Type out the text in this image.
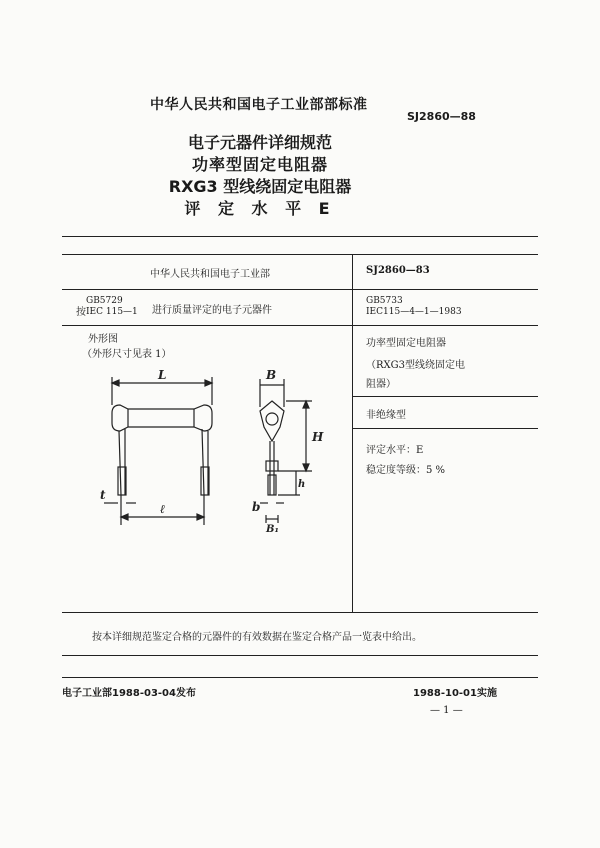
中华人民共和国电子工业部部标准
SJ2860—88
电子元器件详细规范
功率型固定电阻器
RXG3 型线绕固定电阻器
评 定 水 平 E
中华人民共和国电子工业部	SJ2860—83
按
GB5729
IEC 115—1 进行质量评定的电子元器件
GB5733
IEC115—4—1—1983
外形图
（外形尺寸见表 1）
功率型固定电阻器
（RXG3型线绕固定电
阻器）
非绝缘型
评定水平：E
稳定度等级：5 %
L
ℓ
t
B
H
h
b
B₁
按本详细规范鉴定合格的元器件的有效数据在鉴定合格产品一览表中给出。
电子工业部1988-03-04发布	1988-10-01实施
— 1 —
